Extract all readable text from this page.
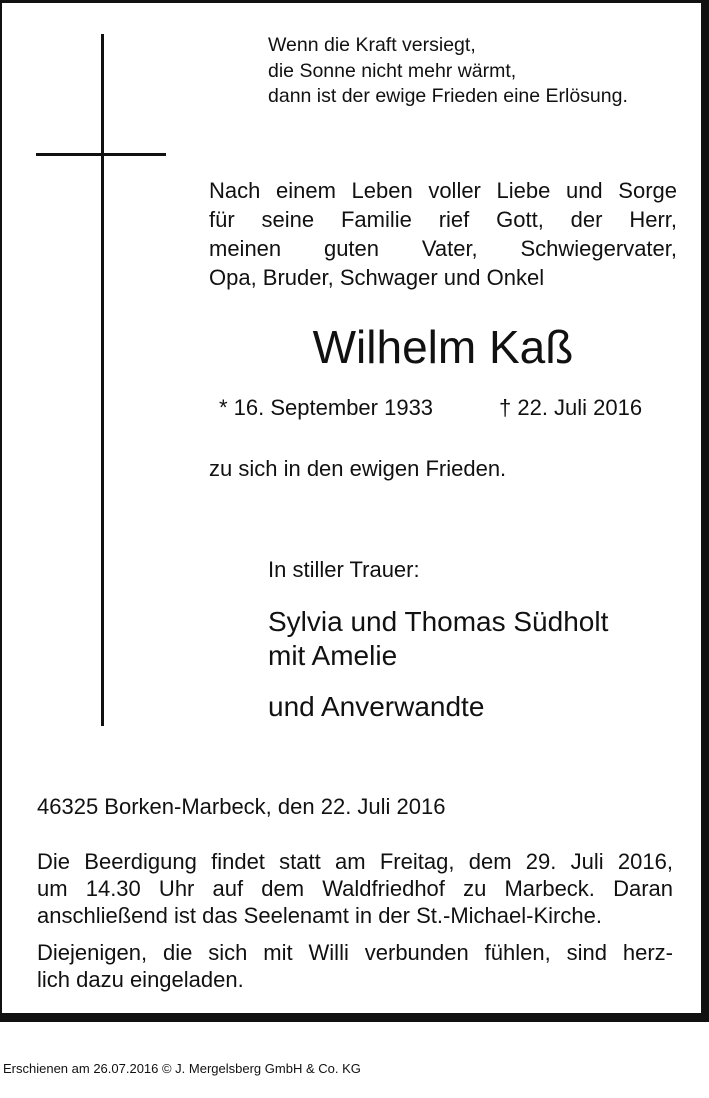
Wenn die Kraft versiegt,
die Sonne nicht mehr wärmt,
dann ist der ewige Frieden eine Erlösung.
Nach einem Leben voller Liebe und Sorge
für seine Familie rief Gott, der Herr,
meinen guten Vater, Schwiegervater,
Opa, Bruder, Schwager und Onkel
Wilhelm Kaß
* 16. September 1933	† 22. Juli 2016
zu sich in den ewigen Frieden.
In stiller Trauer:
Sylvia und Thomas Südholt
mit Amelie
und Anverwandte
46325 Borken-Marbeck, den 22. Juli 2016
Die Beerdigung findet statt am Freitag, dem 29. Juli 2016,
um 14.30 Uhr auf dem Waldfriedhof zu Marbeck. Daran
anschließend ist das Seelenamt in der St.-Michael-Kirche.
Diejenigen, die sich mit Willi verbunden fühlen, sind herz-
lich dazu eingeladen.
Erschienen am 26.07.2016 © J. Mergelsberg GmbH & Co. KG
